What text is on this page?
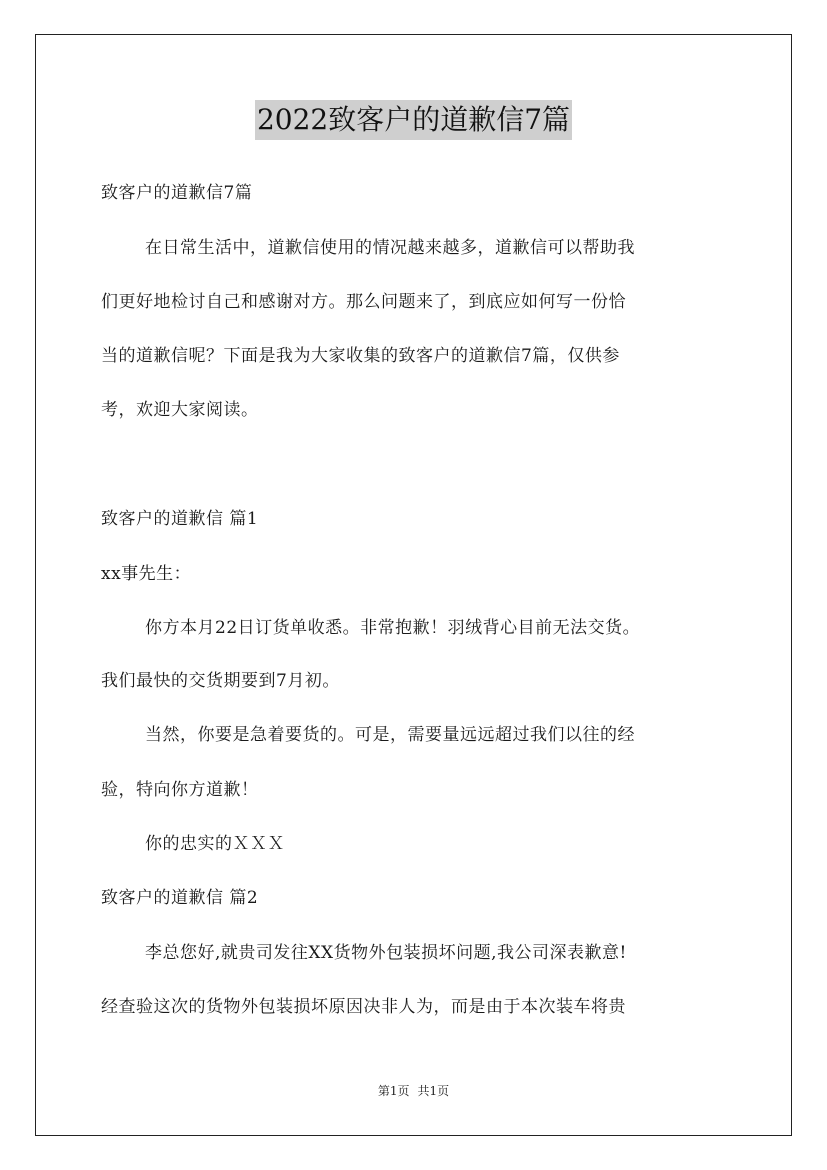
2022致客户的道歉信7篇
致客户的道歉信7篇
在日常生活中，道歉信使用的情况越来越多，道歉信可以帮助我
们更好地检讨自己和感谢对方。那么问题来了，到底应如何写一份恰
当的道歉信呢？下面是我为大家收集的致客户的道歉信7篇，仅供参
考，欢迎大家阅读。
致客户的道歉信 篇1
xx事先生：
你方本月22日订货单收悉。非常抱歉！羽绒背心目前无法交货。
我们最快的交货期要到7月初。
当然，你要是急着要货的。可是，需要量远远超过我们以往的经
验，特向你方道歉！
你的忠实的ＸＸＸ
致客户的道歉信 篇2
李总您好,就贵司发往XX货物外包装损坏问题,我公司深表歉意!
经查验这次的货物外包装损坏原因决非人为，而是由于本次装车将贵
第1页 共1页
